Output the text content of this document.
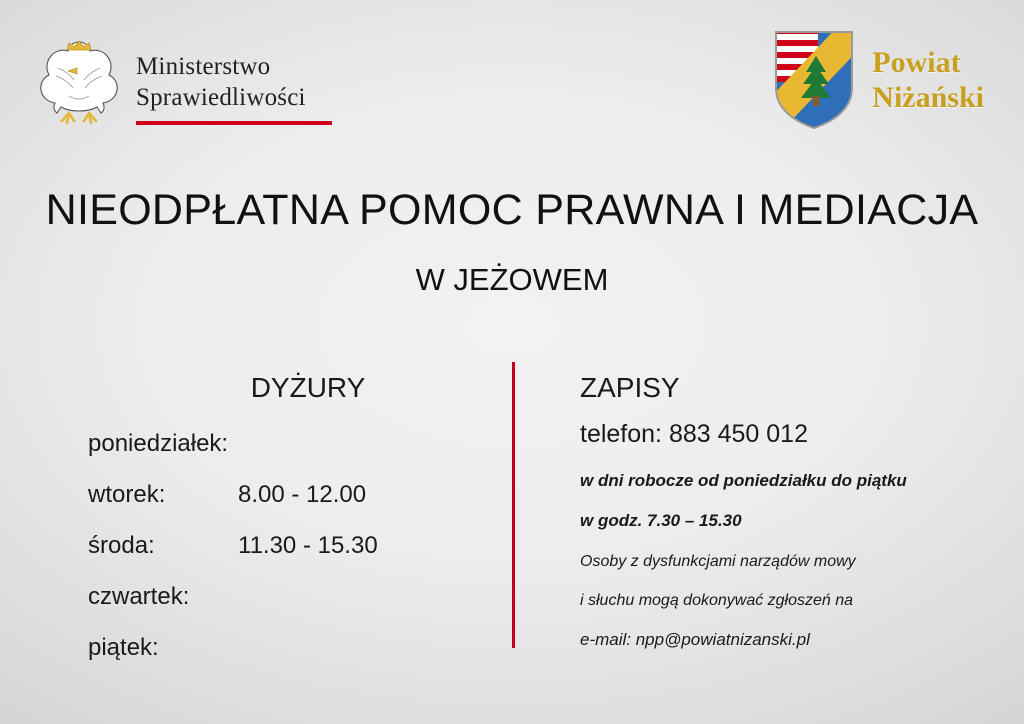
Ministerstwo
Sprawiedliwości
Powiat
Niżański
NIEODPŁATNA POMOC PRAWNA I MEDIACJA
W JEŻOWEM
DYŻURY
poniedziałek:
wtorek:	8.00 - 12.00
środa:	11.30 - 15.30
czwartek:
piątek:
ZAPISY
telefon: 883 450 012
w dni robocze od poniedziałku do piątku
w godz. 7.30 – 15.30
Osoby z dysfunkcjami narządów mowy
i słuchu mogą dokonywać zgłoszeń na
e-mail: npp@powiatnizanski.pl
